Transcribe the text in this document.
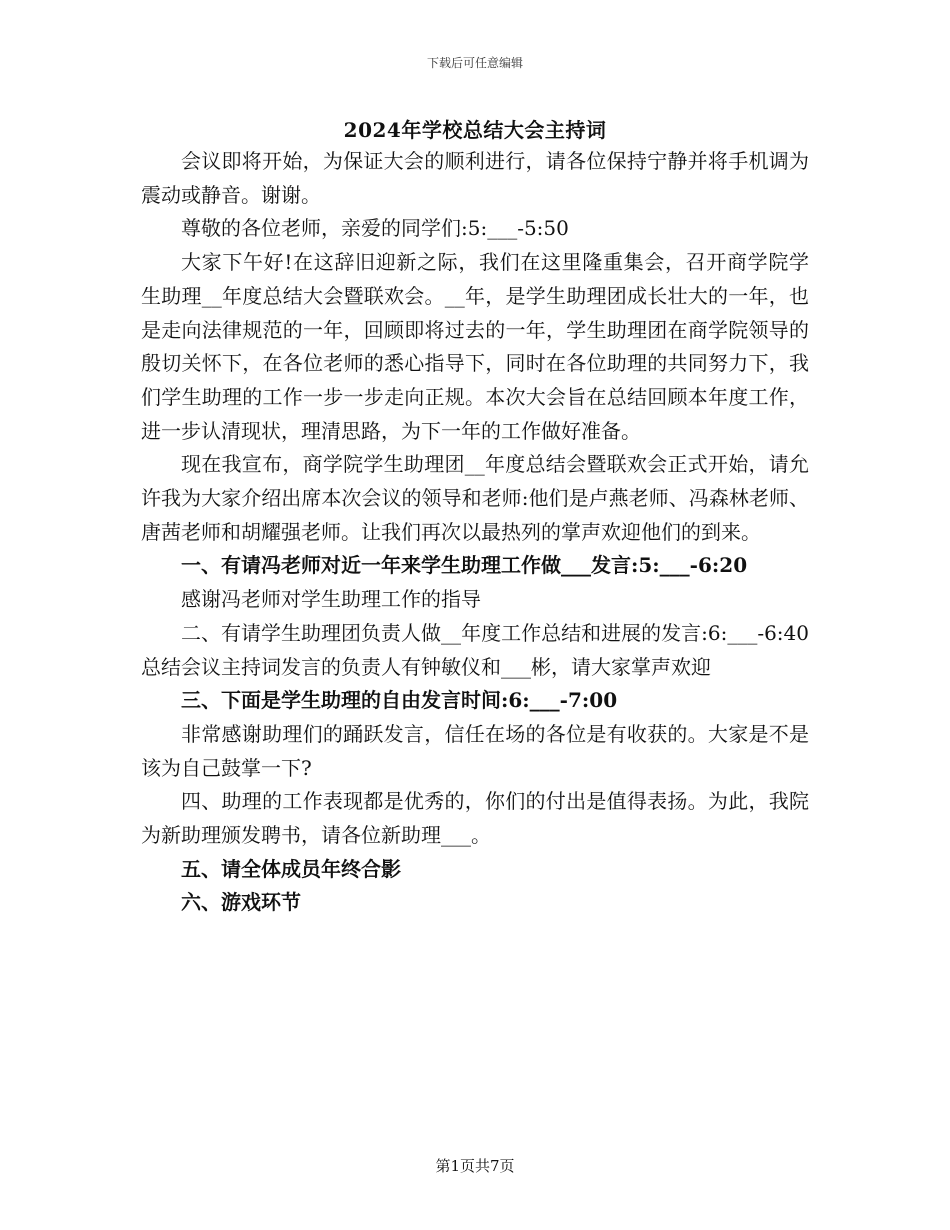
下载后可任意编辑
2024年学校总结大会主持词

会议即将开始，为保证大会的顺利进行，请各位保持宁静并将手机调为震动或静音。谢谢。

尊敬的各位老师，亲爱的同学们:5:___-5:50

大家下午好!在这辞旧迎新之际，我们在这里隆重集会，召开商学院学生助理__年度总结大会暨联欢会。__年，是学生助理团成长壮大的一年，也是走向法律规范的一年，回顾即将过去的一年，学生助理团在商学院领导的殷切关怀下，在各位老师的悉心指导下，同时在各位助理的共同努力下，我们学生助理的工作一步一步走向正规。本次大会旨在总结回顾本年度工作，进一步认清现状，理清思路，为下一年的工作做好准备。

现在我宣布，商学院学生助理团__年度总结会暨联欢会正式开始，请允许我为大家介绍出席本次会议的领导和老师:他们是卢燕老师、冯森林老师、唐茜老师和胡耀强老师。让我们再次以最热列的掌声欢迎他们的到来。

一、有请冯老师对近一年来学生助理工作做___发言:5:___-6:20

感谢冯老师对学生助理工作的指导

二、有请学生助理团负责人做__年度工作总结和进展的发言:6:___-6:40总结会议主持词发言的负责人有钟敏仪和___彬，请大家掌声欢迎

三、下面是学生助理的自由发言时间:6:___-7:00

非常感谢助理们的踊跃发言，信任在场的各位是有收获的。大家是不是该为自己鼓掌一下?

四、助理的工作表现都是优秀的，你们的付出是值得表扬。为此，我院为新助理颁发聘书，请各位新助理___。

五、请全体成员年终合影

六、游戏环节

第1页共7页
